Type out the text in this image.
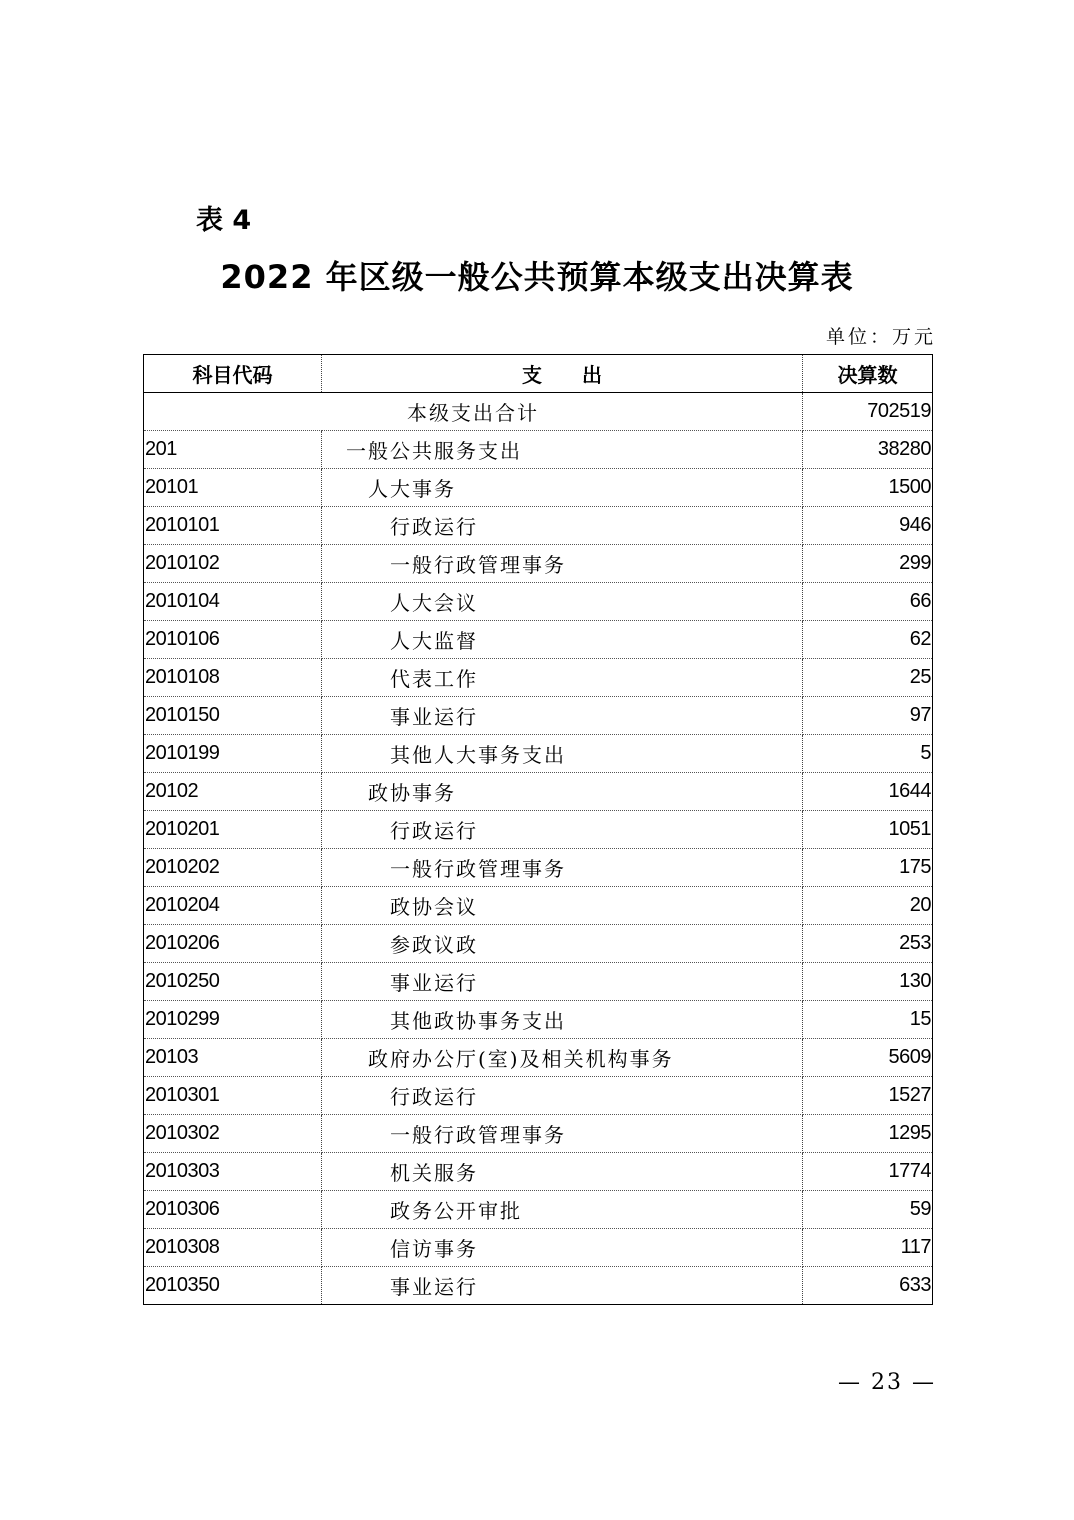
表 4
2022 年区级一般公共预算本级支出决算表
单位：万元
科目代码	支　　出	决算数
本级支出合计		702519
201	一般公共服务支出	38280
20101	人大事务	1500
2010101	行政运行	946
2010102	一般行政管理事务	299
2010104	人大会议	66
2010106	人大监督	62
2010108	代表工作	25
2010150	事业运行	97
2010199	其他人大事务支出	5
20102	政协事务	1644
2010201	行政运行	1051
2010202	一般行政管理事务	175
2010204	政协会议	20
2010206	参政议政	253
2010250	事业运行	130
2010299	其他政协事务支出	15
20103	政府办公厅(室)及相关机构事务	5609
2010301	行政运行	1527
2010302	一般行政管理事务	1295
2010303	机关服务	1774
2010306	政务公开审批	59
2010308	信访事务	117
2010350	事业运行	633
— 23 —
